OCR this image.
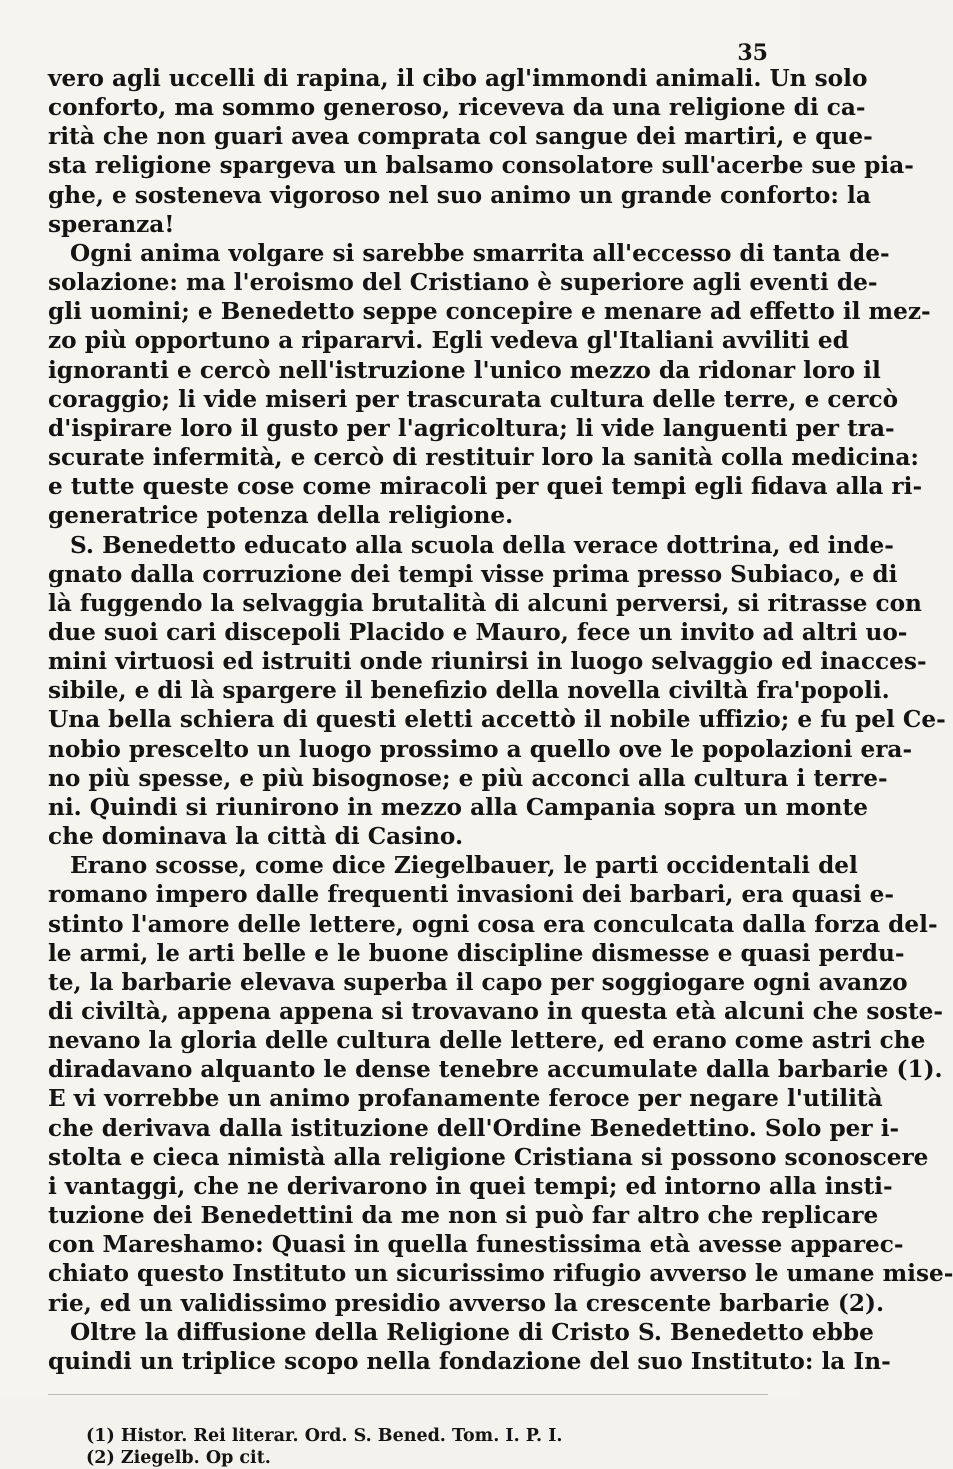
35
vero agli uccelli di rapina, il cibo agl'immondi animali. Un solo
conforto, ma sommo generoso, riceveva da una religione di ca-
rità che non guari avea comprata col sangue dei martiri, e que-
sta religione spargeva un balsamo consolatore sull'acerbe sue pia-
ghe, e sosteneva vigoroso nel suo animo un grande conforto: la
speranza!
Ogni anima volgare si sarebbe smarrita all'eccesso di tanta de-
solazione: ma l'eroismo del Cristiano è superiore agli eventi de-
gli uomini; e Benedetto seppe concepire e menare ad effetto il mez-
zo più opportuno a ripararvi. Egli vedeva gl'Italiani avviliti ed
ignoranti e cercò nell'istruzione l'unico mezzo da ridonar loro il
coraggio; li vide miseri per trascurata cultura delle terre, e cercò
d'ispirare loro il gusto per l'agricoltura; li vide languenti per tra-
scurate infermità, e cercò di restituir loro la sanità colla medicina:
e tutte queste cose come miracoli per quei tempi egli fidava alla ri-
generatrice potenza della religione.
S. Benedetto educato alla scuola della verace dottrina, ed inde-
gnato dalla corruzione dei tempi visse prima presso Subiaco, e di
là fuggendo la selvaggia brutalità di alcuni perversi, si ritrasse con
due suoi cari discepoli Placido e Mauro, fece un invito ad altri uo-
mini virtuosi ed istruiti onde riunirsi in luogo selvaggio ed inacces-
sibile, e di là spargere il benefizio della novella civiltà fra'popoli.
Una bella schiera di questi eletti accettò il nobile uffizio; e fu pel Ce-
nobio prescelto un luogo prossimo a quello ove le popolazioni era-
no più spesse, e più bisognose; e più acconci alla cultura i terre-
ni. Quindi si riunirono in mezzo alla Campania sopra un monte
che dominava la città di Casino.
Erano scosse, come dice Ziegelbauer, le parti occidentali del
romano impero dalle frequenti invasioni dei barbari, era quasi e-
stinto l'amore delle lettere, ogni cosa era conculcata dalla forza del-
le armi, le arti belle e le buone discipline dismesse e quasi perdu-
te, la barbarie elevava superba il capo per soggiogare ogni avanzo
di civiltà, appena appena si trovavano in questa età alcuni che soste-
nevano la gloria delle cultura delle lettere, ed erano come astri che
diradavano alquanto le dense tenebre accumulate dalla barbarie (1).
E vi vorrebbe un animo profanamente feroce per negare l'utilità
che derivava dalla istituzione dell'Ordine Benedettino. Solo per i-
stolta e cieca nimistà alla religione Cristiana si possono sconoscere
i vantaggi, che ne derivarono in quei tempi; ed intorno alla insti-
tuzione dei Benedettini da me non si può far altro che replicare
con Mareshamo: Quasi in quella funestissima età avesse apparec-
chiato questo Instituto un sicurissimo rifugio avverso le umane mise-
rie, ed un validissimo presidio avverso la crescente barbarie (2).
Oltre la diffusione della Religione di Cristo S. Benedetto ebbe
quindi un triplice scopo nella fondazione del suo Instituto: la In-
(1) Histor. Rei literar. Ord. S. Bened. Tom. I. P. I.
(2) Ziegelb. Op cit.
